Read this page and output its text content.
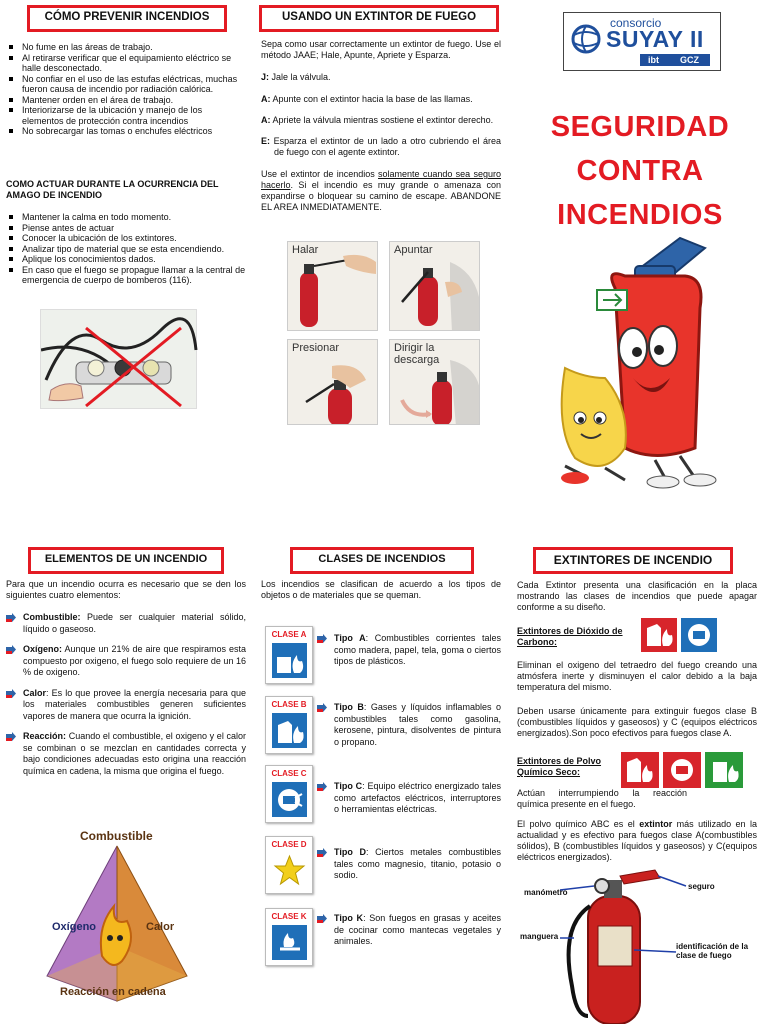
CÓMO PREVENIR INCENDIOS
No fume en las áreas de trabajo.
Al retirarse verificar que el equipamiento eléctrico se halle desconectado.
No confiar en el uso de las estufas eléctricas, muchas fueron causa de incendio por radiación calórica.
Mantener orden en el área de trabajo.
Interiorizarse de la ubicación y manejo de los elementos de protección contra incendios
No sobrecargar las tomas o enchufes eléctricos
COMO ACTUAR DURANTE LA OCURRENCIA DEL AMAGO DE INCENDIO
Mantener la calma en todo momento.
Piense antes de actuar
Conocer la ubicación de los extintores.
Analizar tipo de material que se esta encendiendo.
Aplique los conocimientos dados.
En caso que el fuego se propague llamar a la central de emergencia de cuerpo de bomberos (116).
USANDO UN EXTINTOR DE FUEGO
Sepa como usar correctamente un extintor de fuego. Use el método JAAE; Hale, Apunte, Apriete y Esparza.
J: Jale la válvula.
A: Apunte con el extintor hacia la base de las llamas.
A: Apriete la válvula mientras sostiene el extintor derecho.
E: Esparza el extintor de un lado a otro cubriendo el área de fuego con el agente extintor.
Use el extintor de incendios solamente cuando sea seguro hacerlo. Si el incendio es muy grande o amenaza con expandirse o bloquear su camino de escape. ABANDONE EL AREA INMEDIATAMENTE.
Halar	Apuntar
Presionar	Dirigir la descarga
consorcio
SUYAY II
ibt GCZ
SEGURIDAD
CONTRA
INCENDIOS
ELEMENTOS DE UN INCENDIO
Para que un incendio ocurra es necesario que se den los siguientes cuatro elementos:
Combustible: Puede ser cualquier material sólido, líquido o gaseoso.
Oxígeno: Aunque un 21% de aire que respiramos esta compuesto por oxigeno, el fuego solo requiere de un 16 % de oxigeno.
Calor: Es lo que provee la energía necesaria para que los materiales combustibles generen suficientes vapores de manera que ocurra la ignición.
Reacción: Cuando el combustible, el oxigeno y el calor se combinan o se mezclan en cantidades correcta y bajo condiciones adecuadas esto origina una reacción química en cadena, la misma que origina el fuego.
Combustible
Oxígeno	Calor
Reacción en cadena
CLASES DE INCENDIOS
Los incendios se clasifican de acuerdo a los tipos de objetos o de materiales que se queman.
CLASE A	Tipo A: Combustibles corrientes tales como madera, papel, tela, goma o ciertos tipos de plásticos.
CLASE B	Tipo B: Gases y líquidos inflamables o combustibles tales como gasolina, kerosene, pintura, disolventes de pintura o propano.
CLASE C
Tipo C: Equipo eléctrico energizado tales como artefactos eléctricos, interruptores o herramientas eléctricas.
CLASE D
Tipo D: Ciertos metales combustibles tales como magnesio, titanio, potasio o sodio.
CLASE K	Tipo K: Son fuegos en grasas y aceites de cocinar como mantecas vegetales y animales.
EXTINTORES DE INCENDIO
Cada Extintor presenta una clasificación en la placa mostrando las clases de incendios que puede apagar conforme a su diseño.
Extintores de Dióxido de Carbono:
Eliminan el oxigeno del tetraedro del fuego creando una atmósfera inerte y disminuyen el calor debido a la baja temperatura del mismo.
Deben usarse únicamente para extinguir fuegos clase B (combustibles líquidos y gaseosos) y C (equipos eléctricos energizados).Son poco efectivos para fuegos clase A.
Extintores de Polvo Químico Seco:
Actúan interrumpiendo la reacción química presente en el fuego.
El polvo químico ABC es el extintor más utilizado en la actualidad y es efectivo para fuegos clase A(combustibles sólidos), B (combustibles líquidos y gaseosos) y C(equipos eléctricos energizados).
manómetro
seguro
manguera
identificación de la clase de fuego
